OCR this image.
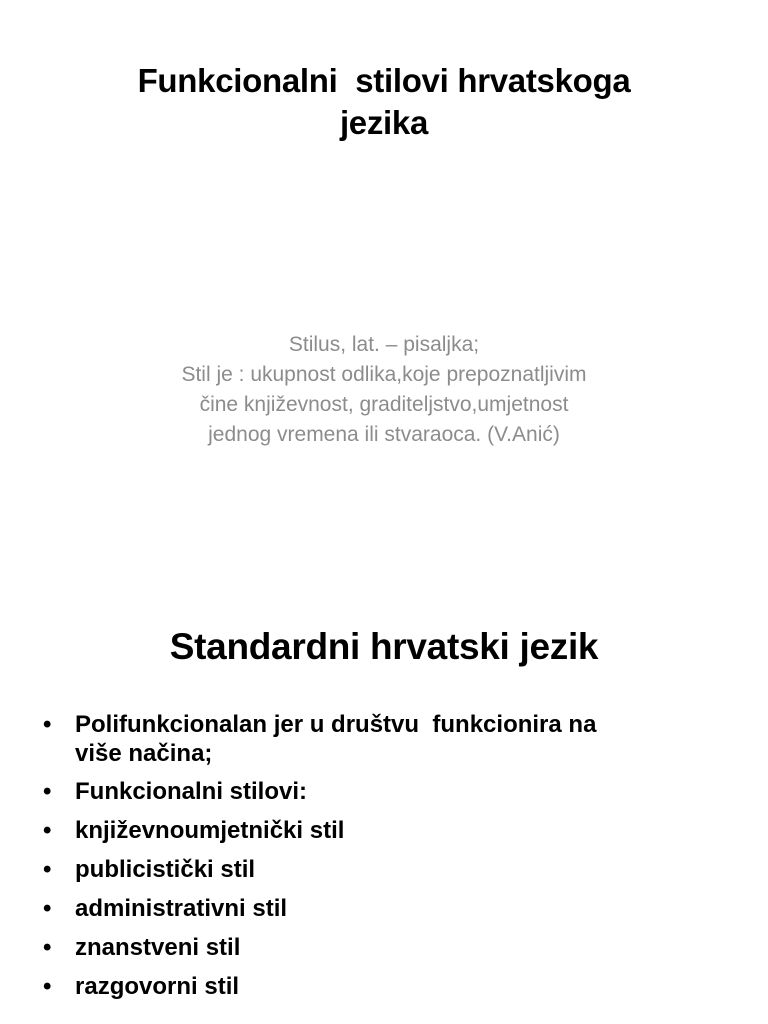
Funkcionalni  stilovi hrvatskoga
jezika
Stilus, lat. – pisaljka;
Stil je : ukupnost odlika,koje prepoznatljivim
čine književnost, graditeljstvo,umjetnost
jednog vremena ili stvaraoca. (V.Anić)
Standardni hrvatski jezik
• Polifunkcionalan jer u društvu  funkcionira na
više načina;
• Funkcionalni stilovi:
• književnoumjetnički stil
• publicistički stil
• administrativni stil
• znanstveni stil
• razgovorni stil
